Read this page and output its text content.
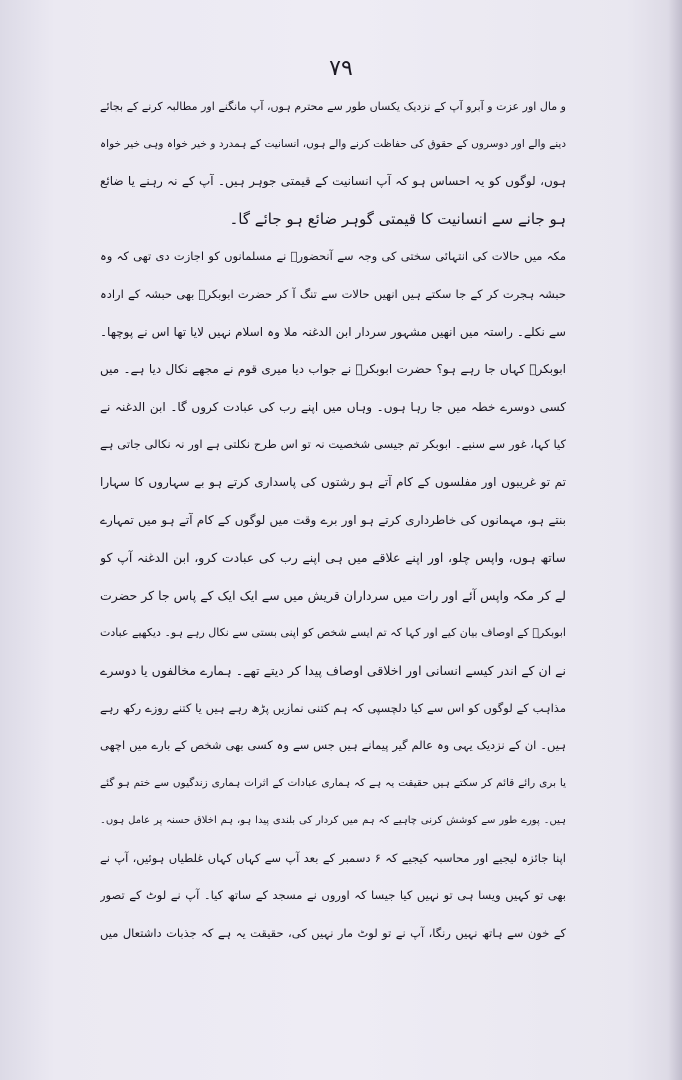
۷۹
و مال اور عزت و آبرو آپ کے نزدیک یکساں طور سے محترم ہوں، آپ مانگنے اور مطالبہ کرنے کے بجائے
دینے والے اور دوسروں کے حقوق کی حفاظت کرنے والے ہوں، انسانیت کے ہمدرد و خیر خواہ وہی خیر خواہ
ہوں، لوگوں کو یہ احساس ہو کہ آپ انسانیت کے قیمتی جوہر ہیں۔ آپ کے نہ رہنے یا ضائع
ہو جانے سے انسانیت کا قیمتی گوہر ضائع ہو جائے گا۔
مکہ میں حالات کی انتہائی سختی کی وجہ سے آنحضورؐ نے مسلمانوں کو اجازت دی تھی کہ وہ
حبشہ ہجرت کر کے جا سکتے ہیں انھیں حالات سے تنگ آ کر حضرت ابوبکرؓ بھی حبشہ کے ارادہ
سے نکلے۔ راستہ میں انھیں مشہور سردار ابن الدغنہ ملا وہ اسلام نہیں لایا تھا اس نے پوچھا۔
ابوبکرؓ کہاں جا رہے ہو؟ حضرت ابوبکرؓ نے جواب دیا میری قوم نے مجھے نکال دیا ہے۔ میں
کسی دوسرے خطہ میں جا رہا ہوں۔ وہاں میں اپنے رب کی عبادت کروں گا۔ ابن الدغنہ نے
کیا کہا، غور سے سنیے۔ ابوبکر تم جیسی شخصیت نہ تو اس طرح نکلتی ہے اور نہ نکالی جاتی ہے
تم تو غریبوں اور مفلسوں کے کام آتے ہو رشتوں کی پاسداری کرتے ہو بے سہاروں کا سہارا
بنتے ہو، مہمانوں کی خاطرداری کرتے ہو اور برے وقت میں لوگوں کے کام آتے ہو میں تمہارے
ساتھ ہوں، واپس چلو، اور اپنے علاقے میں ہی اپنے رب کی عبادت کرو، ابن الدغنہ آپ کو
لے کر مکہ واپس آئے اور رات میں سرداران قریش میں سے ایک ایک کے پاس جا کر حضرت
ابوبکرؓ کے اوصاف بیان کیے اور کہا کہ تم ایسے شخص کو اپنی بستی سے نکال رہے ہو۔ دیکھیے عبادت
نے ان کے اندر کیسے انسانی اور اخلاقی اوصاف پیدا کر دیتے تھے۔ ہمارے مخالفوں یا دوسرے
مذاہب کے لوگوں کو اس سے کیا دلچسپی کہ ہم کتنی نمازیں پڑھ رہے ہیں یا کتنے روزے رکھ رہے
ہیں۔ ان کے نزدیک یہی وہ عالم گیر پیمانے ہیں جس سے وہ کسی بھی شخص کے بارے میں اچھی
یا بری رائے قائم کر سکتے ہیں حقیقت یہ ہے کہ ہماری عبادات کے اثرات ہماری زندگیوں سے ختم ہو گئے
ہیں۔ پورے طور سے کوشش کرنی چاہیے کہ ہم میں کردار کی بلندی پیدا ہو، ہم اخلاق حسنہ پر عامل ہوں۔
اپنا جائزہ لیجیے اور محاسبہ کیجیے کہ ۶ دسمبر کے بعد آپ سے کہاں کہاں غلطیاں ہوئیں، آپ نے
بھی تو کہیں ویسا ہی تو نہیں کیا جیسا کہ اوروں نے مسجد کے ساتھ کیا۔ آپ نے لوٹ کے تصور
کے خون سے ہاتھ نہیں رنگا، آپ نے تو لوٹ مار نہیں کی، حقیقت یہ ہے کہ جذبات داشتعال میں
